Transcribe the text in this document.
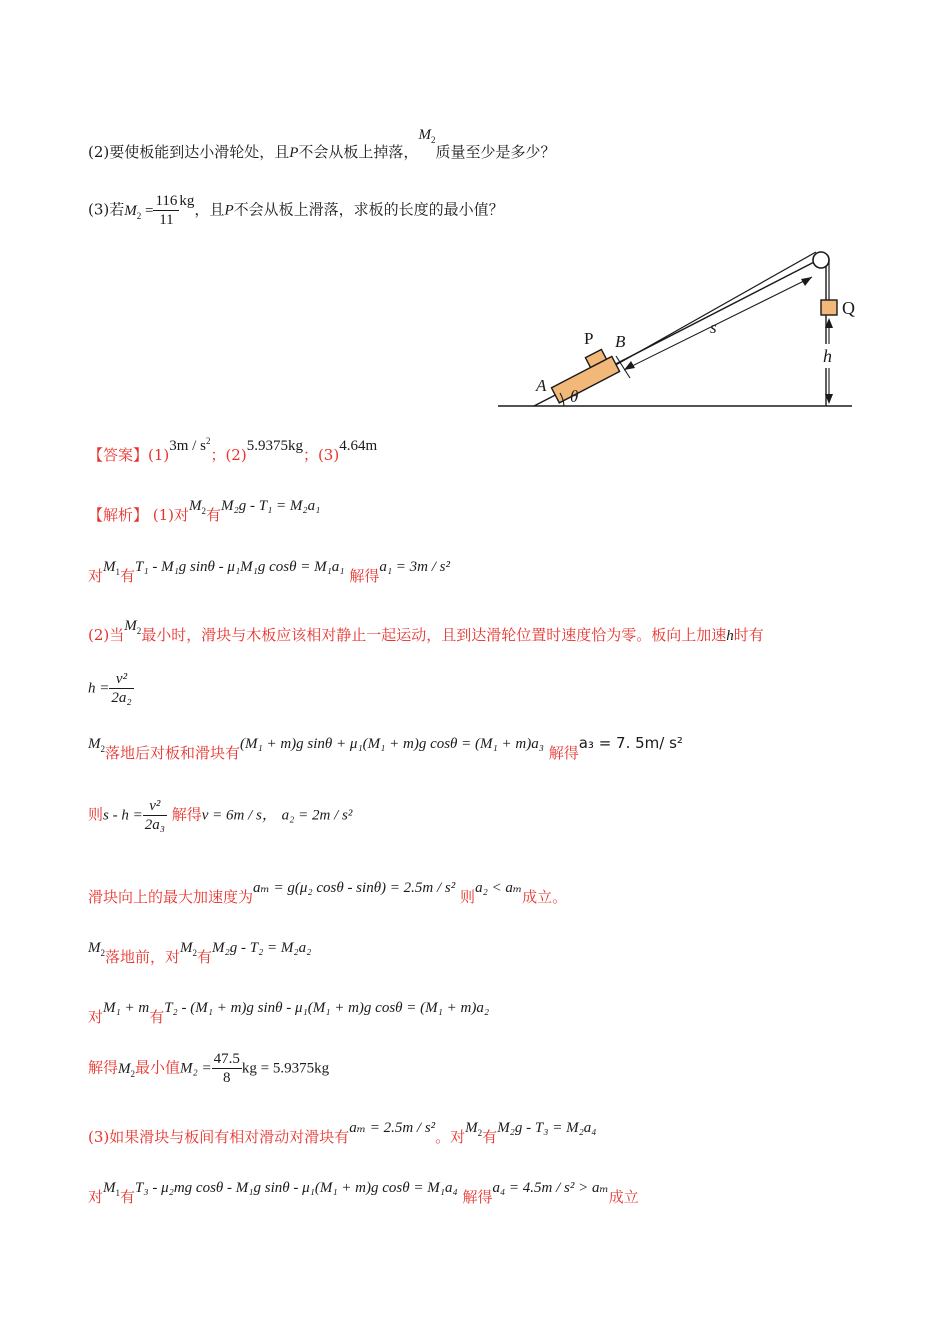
(2)要使板能到达小滑轮处，且P不会从板上掉落，$M_2$质量至少是多少？
(3)若$M_2 = \frac{116}{11}$ kg，且P不会从板上滑落，求板的长度的最小值？
Q
h
P B
A
θ
s
【答案】$(1)3m / s^2$；(2)5.9375kg；(3)4.64m
【解析】 (1)对$M_2$有M₂g - T₁ = M₂a₁
对$M_1$有T₁ - M₁g sinθ - μ₁M₁g cosθ = M₁a₁ 解得a₁ = 3m / s²
(2)当$M_2$最小时，滑块与木板应该相对静止一起运动，且到达滑轮位置时速度恰为零。板向上加速h时有
$h = \frac{\text{v²}}{\text{2a₂}}$
$M_2$落地后对板和滑块有(M₁ + m)g sinθ + μ₁(M₁ + m)g cosθ = (M₁ + m)a₃ 解得a₃ = 7. 5m/ s²
则$s - h = \frac{\text{v²}}{\text{2a₃}}$ 解得v = 6m / s， a₂ = 2m / s²
滑块向上的最大加速度为aₘ = g(μ₂ cosθ - sinθ) = 2.5m / s² 则a₂ < aₘ成立。
$M_2$落地前，对$M_2$有M₂g - T₂ = M₂a₂
对M₁ + m有T₂ - (M₁ + m)g sinθ - μ₁(M₁ + m)g cosθ = (M₁ + m)a₂
解得$M_2$最小值$M_2 = \frac{47.5}{8}$ kg = 5.9375kg
(3)如果滑块与板间有相对滑动对滑块有aₘ = 2.5m / s²。对$M_2$有M₂g - T₃ = M₂a₄
对$M_1$有T₃ - μ₂mg cosθ - M₁g sinθ - μ₁(M₁ + m)g cosθ = M₁a₄ 解得a₄ = 4.5m / s² > aₘ成立
